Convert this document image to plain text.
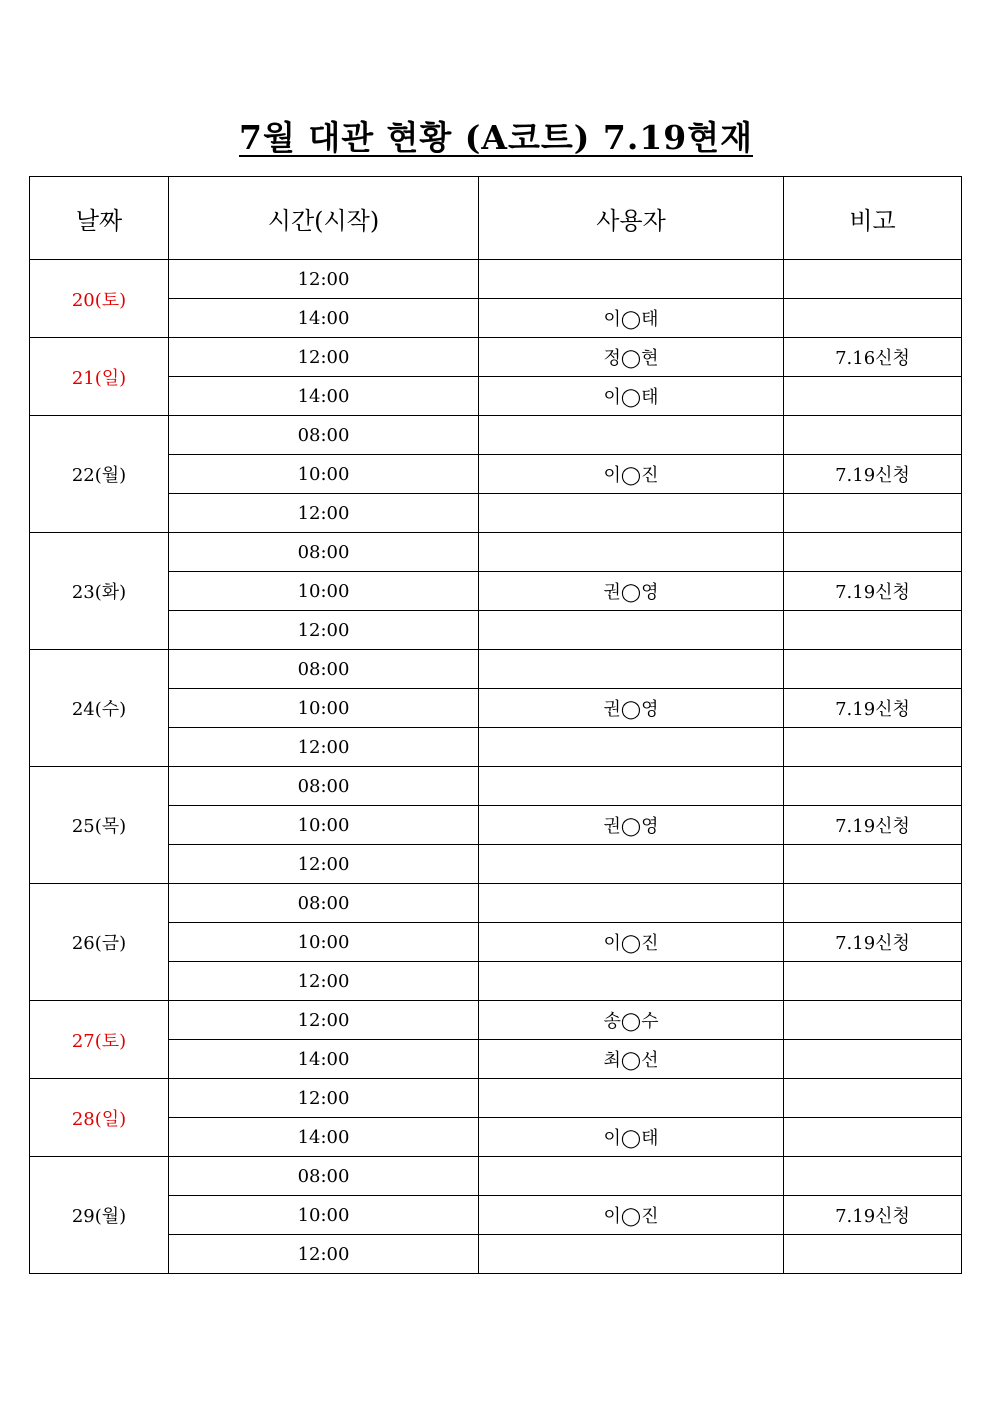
7월 대관 현황 (A코트) 7.19현재
날짜	시간(시작)	사용자	비고
20(토)	12:00		
	14:00	이◯태	
21(일)	12:00	정◯현	7.16신청
	14:00	이◯태	
22(월)	08:00		
	10:00	이◯진	7.19신청
	12:00		
23(화)	08:00		
	10:00	권◯영	7.19신청
	12:00		
24(수)	08:00		
	10:00	권◯영	7.19신청
	12:00		
25(목)	08:00		
	10:00	권◯영	7.19신청
	12:00		
26(금)	08:00		
	10:00	이◯진	7.19신청
	12:00		
27(토)	12:00	송◯수	
	14:00	최◯선	
28(일)	12:00		
	14:00	이◯태	
29(월)	08:00		
	10:00	이◯진	7.19신청
	12:00		
